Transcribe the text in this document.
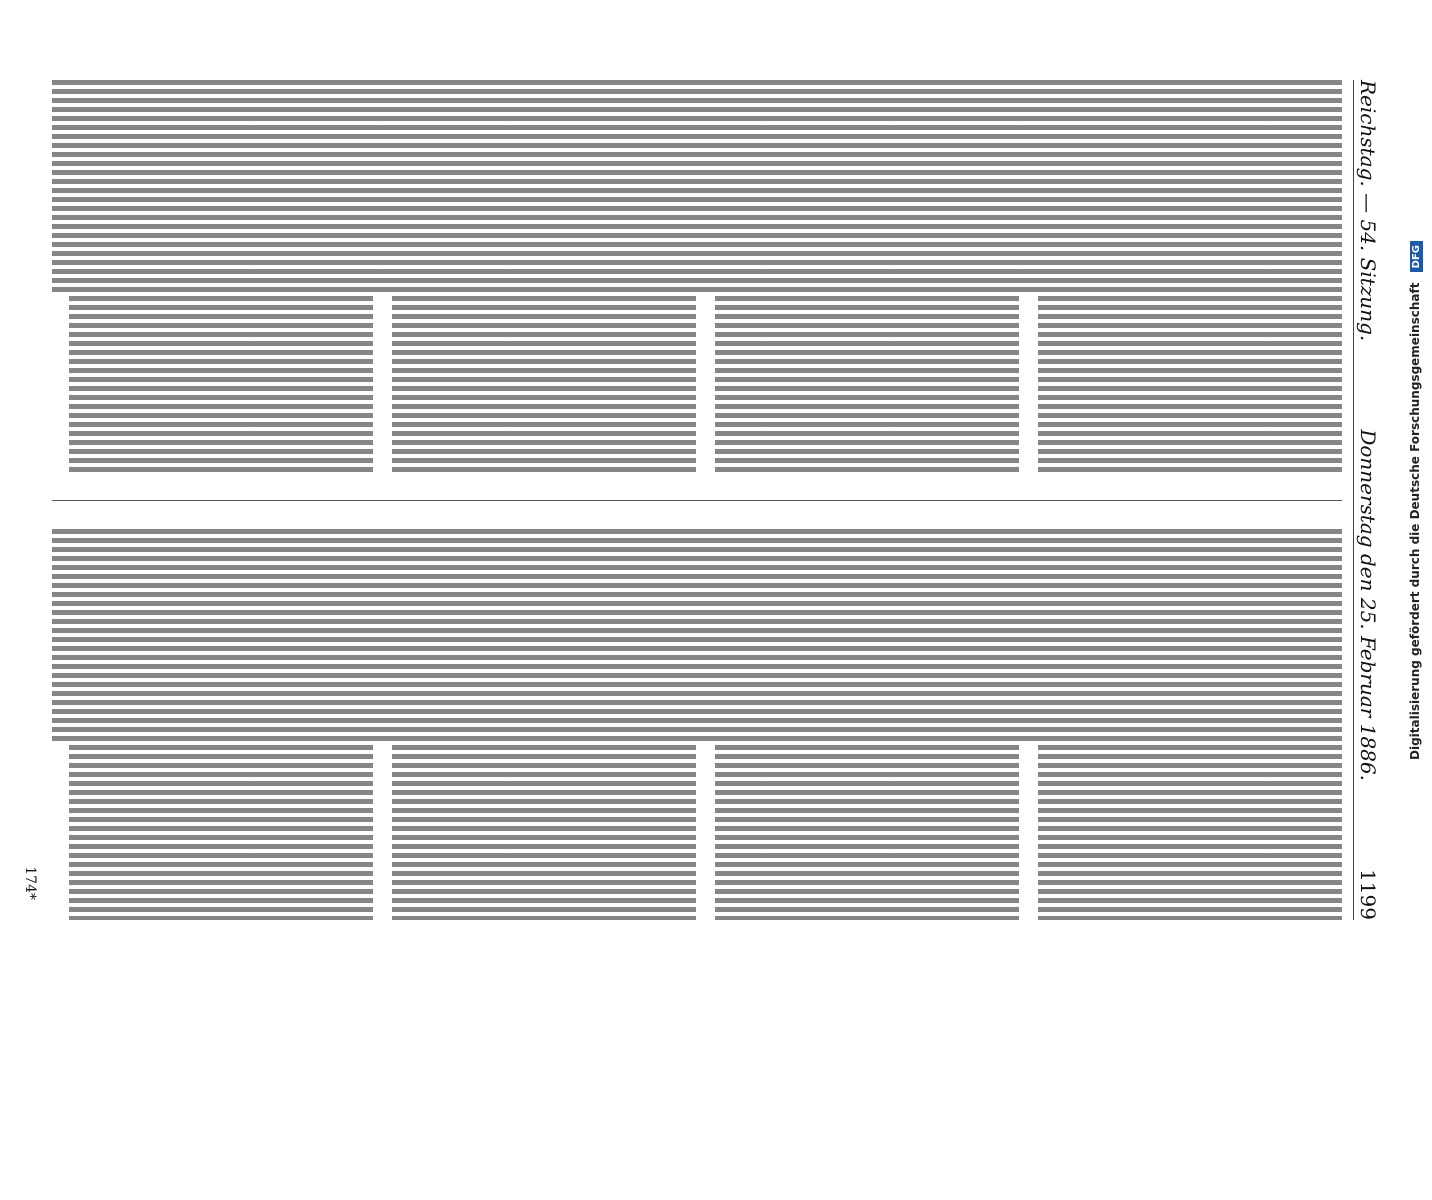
Reichstag. — 54. Sitzung.
Donnerstag den 25. Februar 1886.
1199
174*
Digitalisierung gefördert durch die Deutsche Forschungsgemeinschaft DFG
